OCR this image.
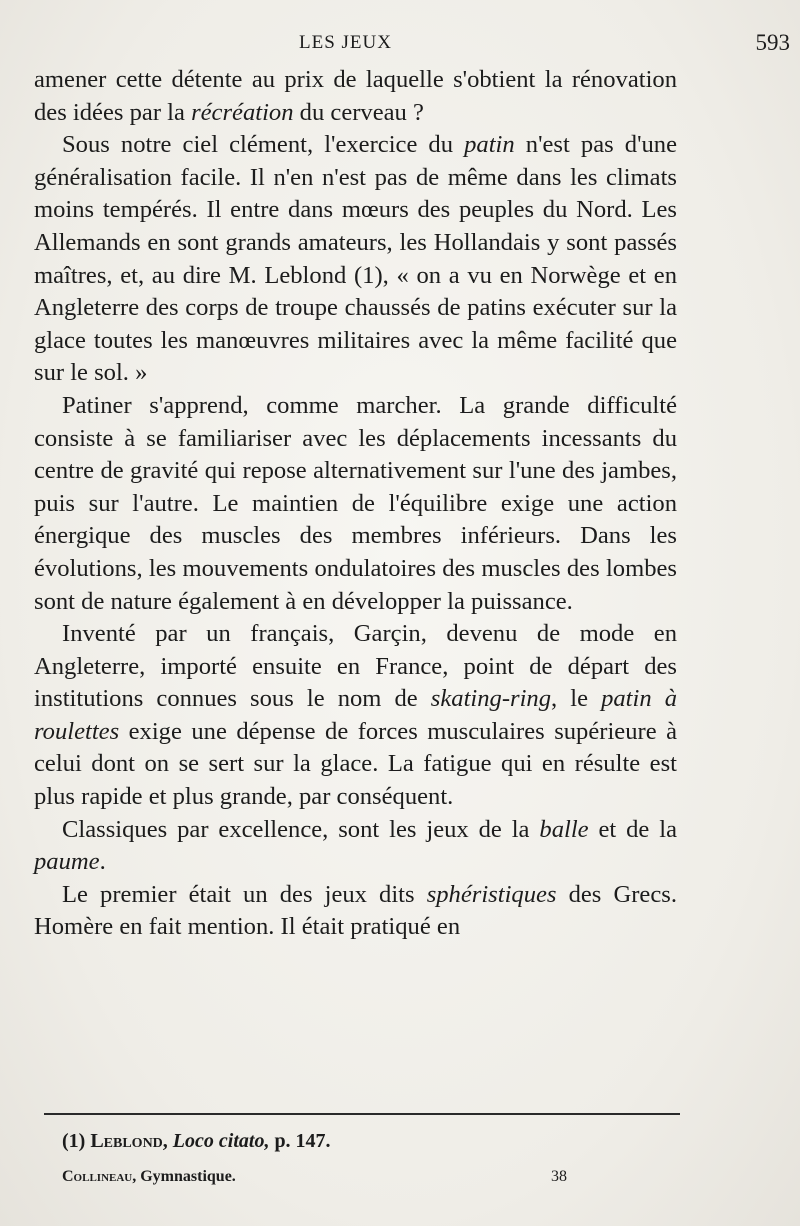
LES JEUX	593

amener cette détente au prix de laquelle s'obtient la rénovation des idées par la récréation du cerveau ?

Sous notre ciel clément, l'exercice du patin n'est pas d'une généralisation facile. Il n'en n'est pas de même dans les climats moins tempérés. Il entre dans mœurs des peuples du Nord. Les Allemands en sont grands amateurs, les Hollandais y sont passés maîtres, et, au dire M. Leblond (1), « on a vu en Norwège et en Angleterre des corps de troupe chaussés de patins exécuter sur la glace toutes les manœuvres militaires avec la même facilité que sur le sol. »

Patiner s'apprend, comme marcher. La grande difficulté consiste à se familiariser avec les déplacements incessants du centre de gravité qui repose alternativement sur l'une des jambes, puis sur l'autre. Le maintien de l'équilibre exige une action énergique des muscles des membres inférieurs. Dans les évolutions, les mouvements ondulatoires des muscles des lombes sont de nature également à en développer la puissance.

Inventé par un français, Garçin, devenu de mode en Angleterre, importé ensuite en France, point de départ des institutions connues sous le nom de skating-ring, le patin à roulettes exige une dépense de forces musculaires supérieure à celui dont on se sert sur la glace. La fatigue qui en résulte est plus rapide et plus grande, par conséquent.

Classiques par excellence, sont les jeux de la balle et de la paume.

Le premier était un des jeux dits sphéristiques des Grecs. Homère en fait mention. Il était pratiqué en

(1) Leblond, Loco citato, p. 147.
Collineau, Gymnastique.	38
